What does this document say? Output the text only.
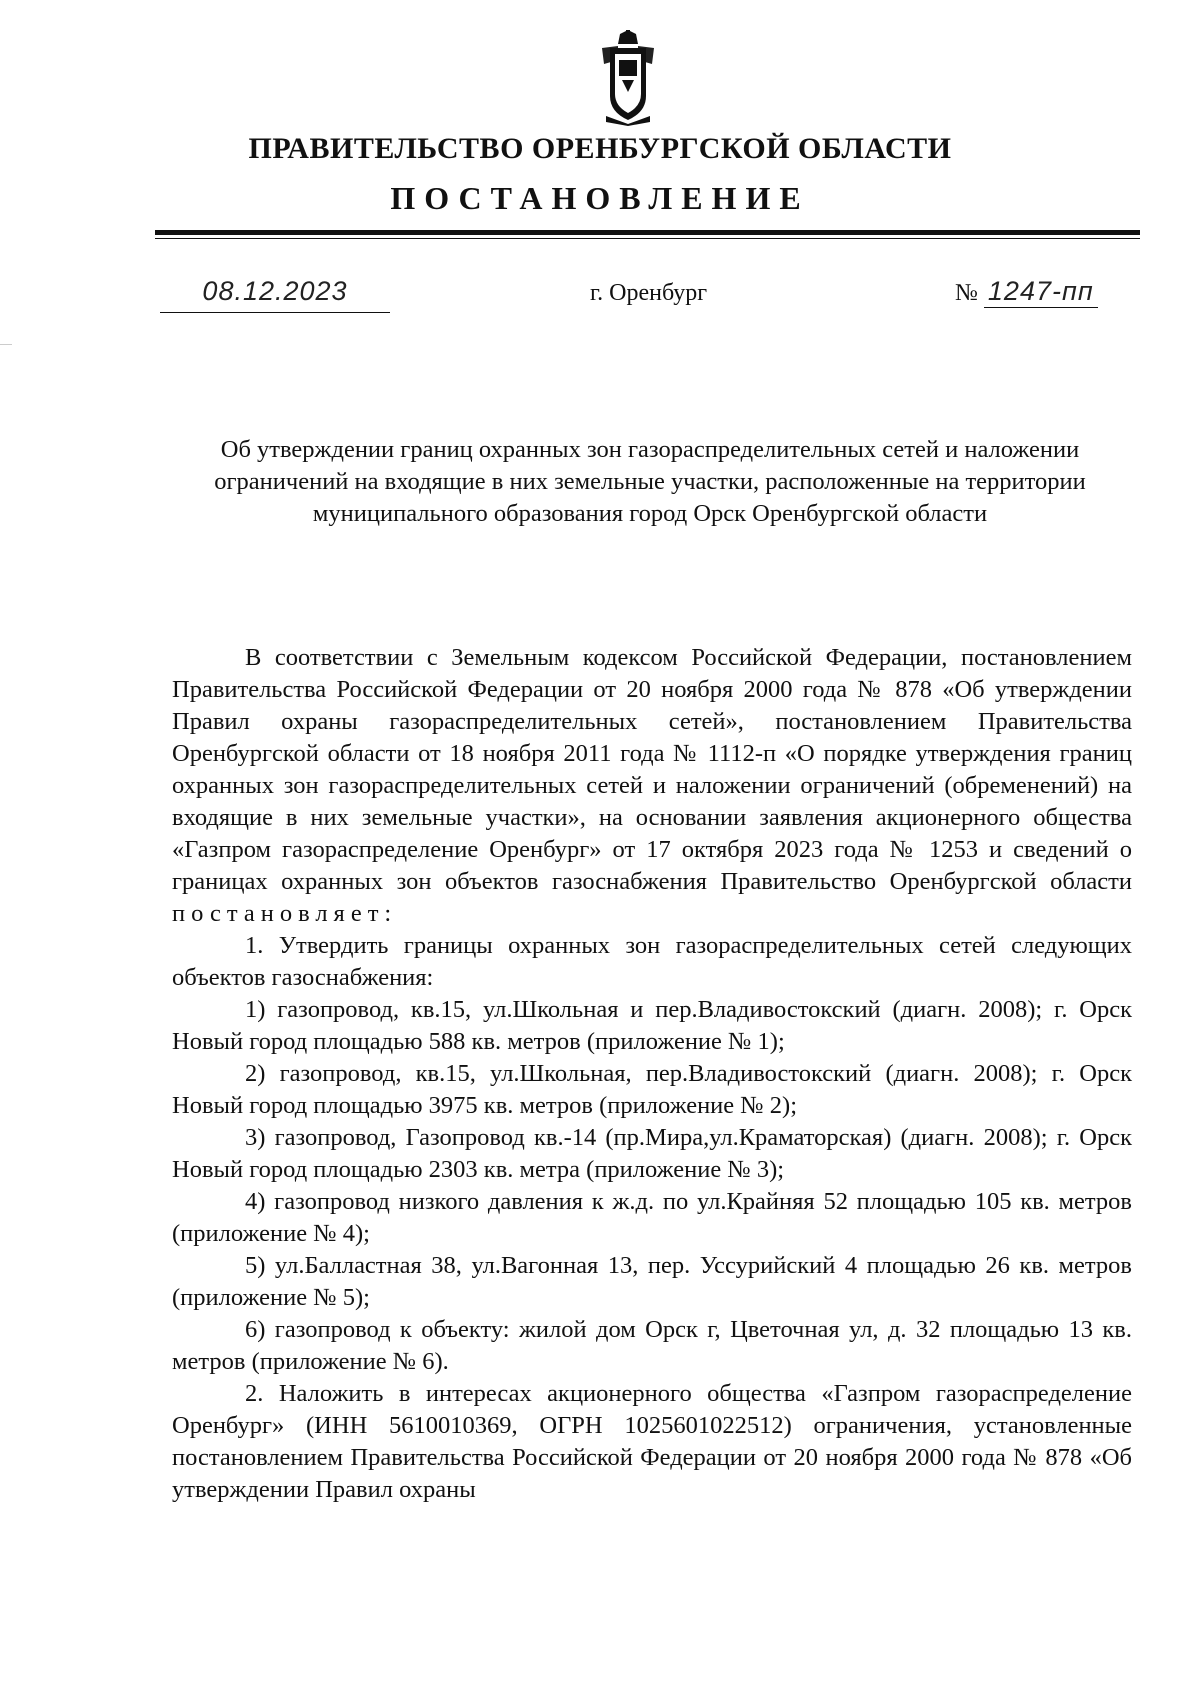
ПРАВИТЕЛЬСТВО ОРЕНБУРГСКОЙ ОБЛАСТИ
ПОСТАНОВЛЕНИЕ
08.12.2023	г. Оренбург	№ 1247-пп
Об утверждении границ охранных зон газораспределительных сетей и наложении ограничений на входящие в них земельные участки, расположенные на территории муниципального образования город Орск Оренбургской области

В соответствии с Земельным кодексом Российской Федерации, постановлением Правительства Российской Федерации от 20 ноября 2000 года № 878 «Об утверждении Правил охраны газораспределительных сетей», постановлением Правительства Оренбургской области от 18 ноября 2011 года № 1112-п «О порядке утверждения границ охранных зон газораспределительных сетей и наложении ограничений (обременений) на входящие в них земельные участки», на основании заявления акционерного общества «Газпром газораспределение Оренбург» от 17 октября 2023 года № 1253 и сведений о границах охранных зон объектов газоснабжения Правительство Оренбургской области постановляет:

1. Утвердить границы охранных зон газораспределительных сетей следующих объектов газоснабжения:

1) газопровод, кв.15, ул.Школьная и пер.Владивостокский (диагн. 2008); г. Орск Новый город площадью 588 кв. метров (приложение № 1);

2) газопровод, кв.15, ул.Школьная, пер.Владивостокский (диагн. 2008); г. Орск Новый город площадью 3975 кв. метров (приложение № 2);

3) газопровод, Газопровод кв.-14 (пр.Мира,ул.Краматорская) (диагн. 2008); г. Орск Новый город площадью 2303 кв. метра (приложение № 3);

4) газопровод низкого давления к ж.д. по ул.Крайняя 52 площадью 105 кв. метров (приложение № 4);

5) ул.Балластная 38, ул.Вагонная 13, пер. Уссурийский 4 площадью 26 кв. метров (приложение № 5);

6) газопровод к объекту: жилой дом Орск г, Цветочная ул, д. 32 площадью 13 кв. метров (приложение № 6).

2. Наложить в интересах акционерного общества «Газпром газораспределение Оренбург» (ИНН 5610010369, ОГРН 1025601022512) ограничения, установленные постановлением Правительства Российской Федерации от 20 ноября 2000 года № 878 «Об утверждении Правил охраны
